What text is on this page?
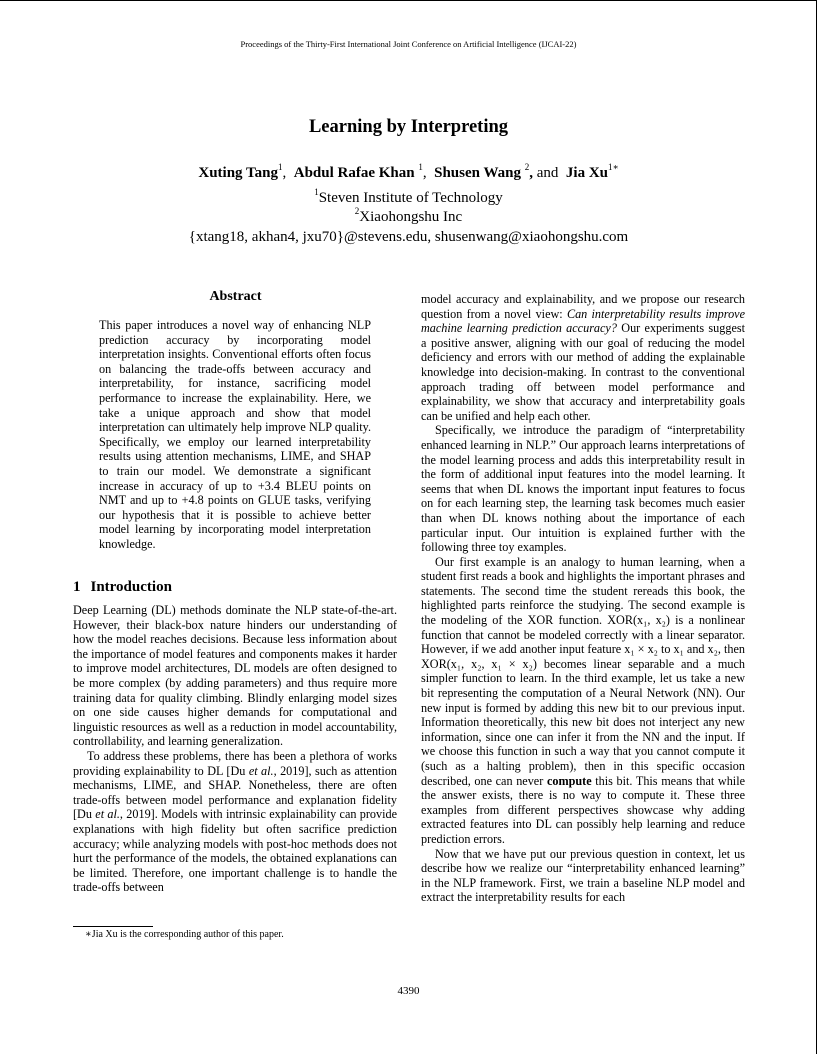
Proceedings of the Thirty-First International Joint Conference on Artificial Intelligence (IJCAI-22)
Learning by Interpreting
Xuting Tang$^1$, Abdul Rafae Khan $^1$, Shusen Wang $^2$, and Jia $Xu^{1∗}$
$^1$Steven Institute of Technology
$^2$Xiaohongshu Inc
{xtang18, akhan4, jxu70}@stevens.edu, shusenwang@xiaohongshu.com
Abstract
This paper introduces a novel way of enhancing NLP prediction accuracy by incorporating model interpretation insights. Conventional efforts often focus on balancing the trade-offs between accuracy and interpretability, for instance, sacrificing model performance to increase the explainability. Here, we take a unique approach and show that model interpretation can ultimately help improve NLP quality. Specifically, we employ our learned interpretability results using attention mechanisms, LIME, and SHAP to train our model. We demonstrate a significant increase in accuracy of up to +3.4 BLEU points on NMT and up to +4.8 points on GLUE tasks, verifying our hypothesis that it is possible to achieve better model learning by incorporating model interpretation knowledge.
1 Introduction

Deep Learning (DL) methods dominate the NLP state-of-the-art. However, their black-box nature hinders our understanding of how the model reaches decisions. Because less information about the importance of model features and components makes it harder to improve model architectures, DL models are often designed to be more complex (by adding parameters) and thus require more training data for quality climbing. Blindly enlarging model sizes on one side causes higher demands for computational and linguistic resources as well as a reduction in model accountability, controllability, and learning generalization.

To address these problems, there has been a plethora of works providing explainability to DL [Du et al., 2019], such as attention mechanisms, LIME, and SHAP. Nonetheless, there are often trade-offs between model performance and explanation fidelity [Du et al., 2019]. Models with intrinsic explainability can provide explanations with high fidelity but often sacrifice prediction accuracy; while analyzing models with post-hoc methods does not hurt the performance of the models, the obtained explanations can be limited. Therefore, one important challenge is to handle the trade-offs between

model accuracy and explainability, and we propose our research question from a novel view: Can interpretability results improve machine learning prediction accuracy? Our experiments suggest a positive answer, aligning with our goal of reducing the model deficiency and errors with our method of adding the explainable knowledge into decision-making. In contrast to the conventional approach trading off between model performance and explainability, we show that accuracy and interpretability goals can be unified and help each other.

Specifically, we introduce the paradigm of “interpretability enhanced learning in NLP.” Our approach learns interpretations of the model learning process and adds this interpretability result in the form of additional input features into the model learning. It seems that when DL knows the important input features to focus on for each learning step, the learning task becomes much easier than when DL knows nothing about the importance of each particular input. Our intuition is explained further with the following three toy examples.

Our first example is an analogy to human learning, when a student first reads a book and highlights the important phrases and statements. The second time the student rereads this book, the highlighted parts reinforce the studying. The second example is the modeling of the XOR function. XOR(x₁, x₂) is a nonlinear function that cannot be modeled correctly with a linear separator. However, if we add another input feature x₁ × x₂ to x₁ and x₂, then XOR(x₁, x₂, x₁ × x₂) becomes linear separable and a much simpler function to learn. In the third example, let us take a new bit representing the computation of a Neural Network (NN). Our new input is formed by adding this new bit to our previous input. Information theoretically, this new bit does not interject any new information, since one can infer it from the NN and the input. If we choose this function in such a way that you cannot compute it (such as a halting problem), then in this specific occasion described, one can never compute this bit. This means that while the answer exists, there is no way to compute it. These three examples from different perspectives showcase why adding extracted features into DL can possibly help learning and reduce prediction errors.

Now that we have put our previous question in context, let us describe how we realize our “interpretability enhanced learning” in the NLP framework. First, we train a baseline NLP model and extract the interpretability results for each

∗Jia Xu is the corresponding author of this paper.
4390
